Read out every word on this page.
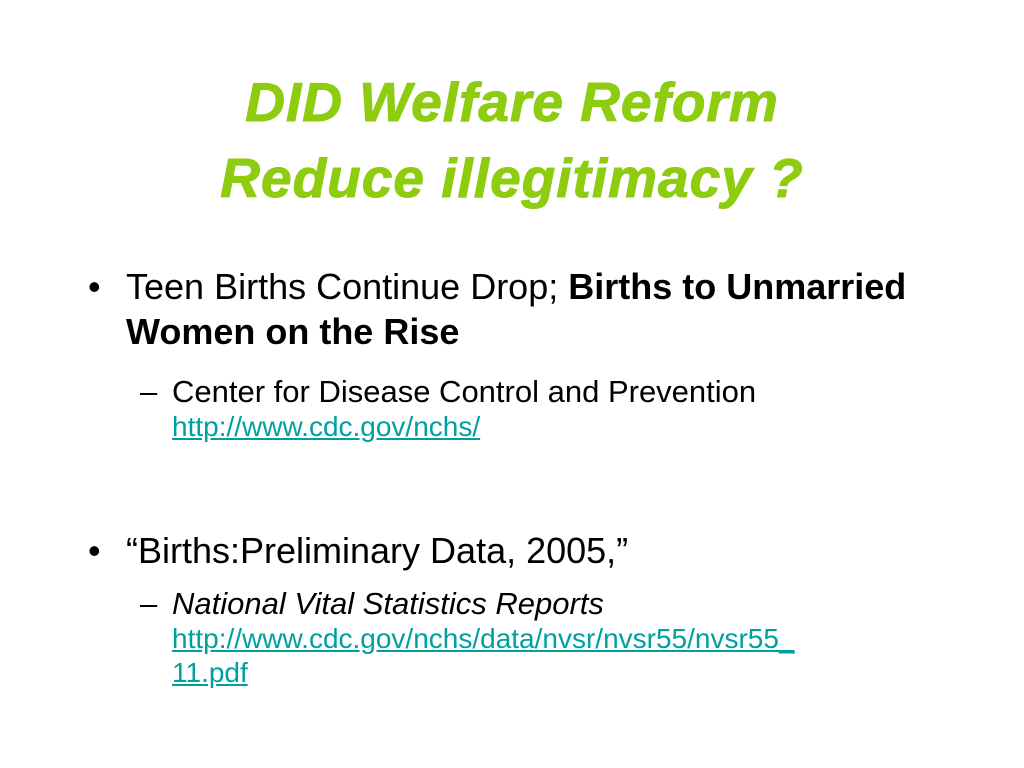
DID Welfare Reform
Reduce illegitimacy ?
• Teen Births Continue Drop; Births to Unmarried Women on the Rise
– Center for Disease Control and Prevention
http://www.cdc.gov/nchs/
• “Births:Preliminary Data, 2005,”
– National Vital Statistics Reports
http://www.cdc.gov/nchs/data/nvsr/nvsr55/nvsr55_
11.pdf
